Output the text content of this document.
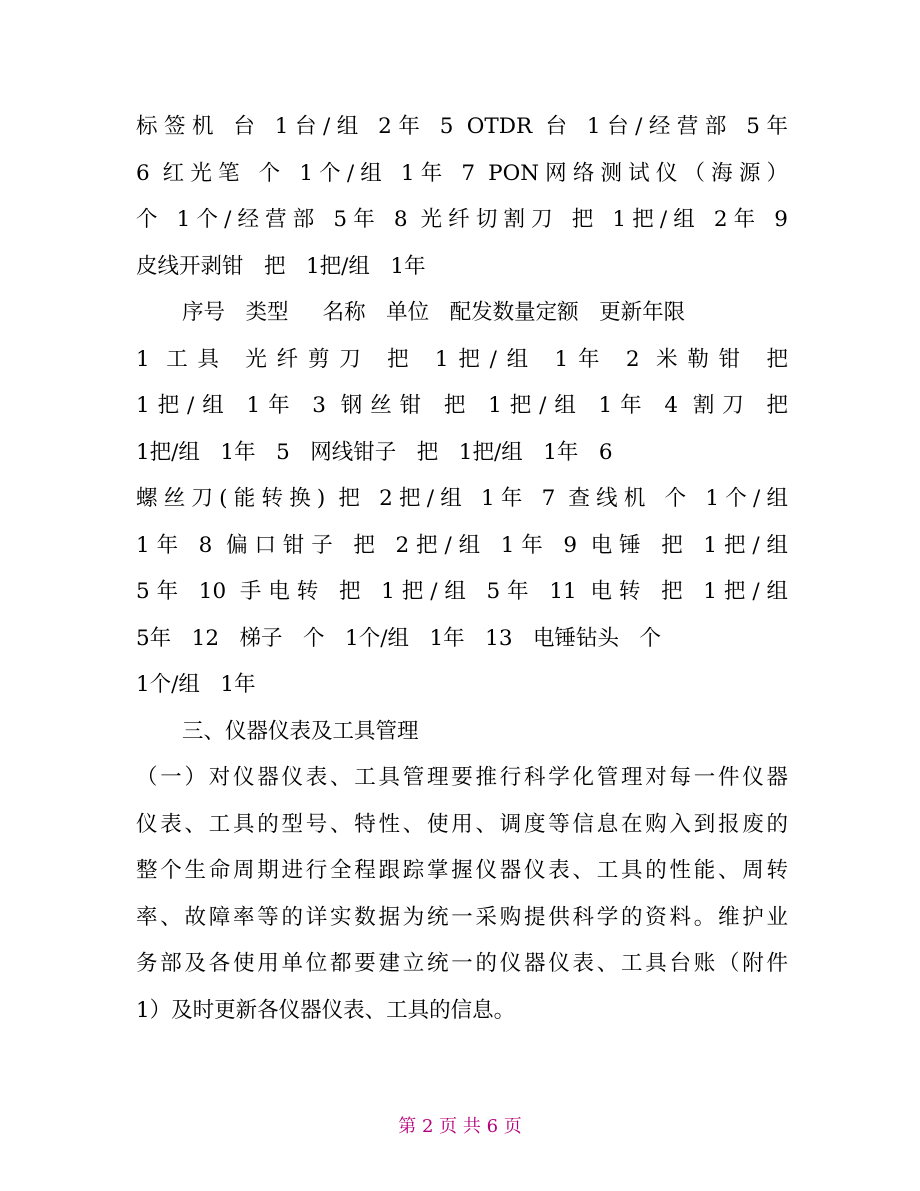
标签机 台 1台/组 2年 5 OTDR 台 1台/经营部 5年
6 红光笔 个 1个/组 1年 7 PON网络测试仪（海源）
个 1个/经营部 5年 8 光纤切割刀 把 1把/组 2年 9
皮线开剥钳   把   1把/组   1年
序号   类型     名称   单位   配发数量定额   更新年限
1 工具 光纤剪刀 把 1把/组 1年 2 米勒钳 把
1把/组 1年 3 钢丝钳 把 1把/组 1年 4 割刀 把
1把/组   1年   5   网线钳子   把   1把/组   1年   6
螺丝刀(能转换) 把 2把/组 1年 7 查线机 个 1个/组
1年 8 偏口钳子 把 2把/组 1年 9 电锤 把 1把/组
5年 10 手电转 把 1把/组 5年 11 电转 把 1把/组
5年   12   梯子   个   1个/组   1年   13   电锤钻头   个
1个/组   1年
三、仪器仪表及工具管理
（一）对仪器仪表、工具管理要推行科学化管理对每一件仪器
仪表、工具的型号、特性、使用、调度等信息在购入到报废的
整个生命周期进行全程跟踪掌握仪器仪表、工具的性能、周转
率、故障率等的详实数据为统一采购提供科学的资料。维护业
务部及各使用单位都要建立统一的仪器仪表、工具台账（附件
1）及时更新各仪器仪表、工具的信息。
第 2 页 共 6 页
